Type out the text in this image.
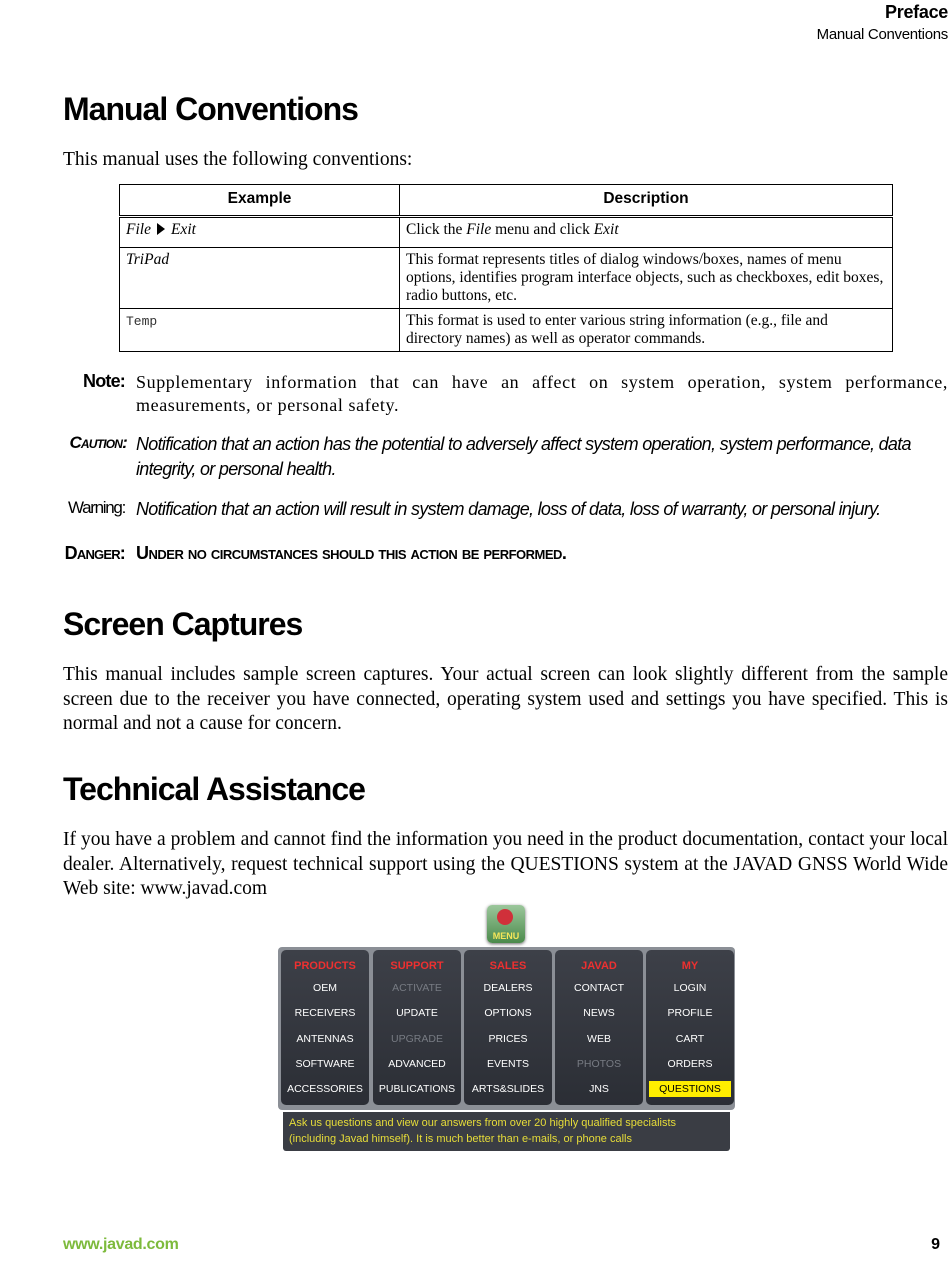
Preface
Manual Conventions
Manual Conventions

This manual uses the following conventions:

Example	Description
File Exit	Click the File menu and click Exit
TriPad	This format represents titles of dialog windows/boxes, names of menu options, identifies program interface objects, such as checkboxes, edit boxes, radio buttons, etc.
Temp	This format is used to enter various string information (e.g., file and directory names) as well as operator commands.
Note: Supplementary information that can have an affect on system operation, system performance, measurements, or personal safety.
Caution: Notification that an action has the potential to adversely affect system operation, system performance, data integrity, or personal health.
Warning: Notification that an action will result in system damage, loss of data, loss of warranty, or personal injury.
Danger: Under no circumstances should this action be performed.
Screen Captures

This manual includes sample screen captures. Your actual screen can look slightly different from the sample screen due to the receiver you have connected, operating system used and settings you have specified. This is normal and not a cause for concern.

Technical Assistance

If you have a problem and cannot find the information you need in the product documentation, contact your local dealer. Alternatively, request technical support using the QUESTIONS system at the JAVAD GNSS World Wide Web site: www.javad.com

MENU
PRODUCTS
OEM
RECEIVERS
ANTENNAS
SOFTWARE
ACCESSORIES
SUPPORT
ACTIVATE
UPDATE
UPGRADE
ADVANCED
PUBLICATIONS
SALES
DEALERS
OPTIONS
PRICES
EVENTS
ARTS&SLIDES
JAVAD
CONTACT
NEWS
WEB
PHOTOS
JNS
MY
LOGIN
PROFILE
CART
ORDERS
QUESTIONS
Ask us questions and view our answers from over 20 highly qualified specialists
(including Javad himself). It is much better than e-mails, or phone calls
www.javad.com	9
